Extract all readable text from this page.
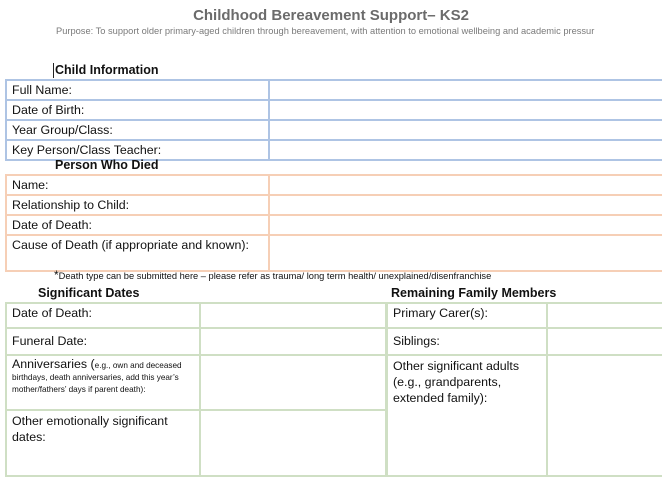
Childhood Bereavement Support– KS2
Purpose: To support older primary-aged children through bereavement, with attention to emotional wellbeing and academic pressur
Child Information
Full Name:	
Date of Birth:	
Year Group/Class:	
Key Person/Class Teacher:	
Person Who Died
Name:	
Relationship to Child:	
Date of Death:	
Cause of Death (if appropriate and known):	
*Death type can be submitted here – please refer as trauma/ long term health/ unexplained/disenfranchise
Significant Dates	Remaining Family Members
Date of Death:	
Funeral Date:	
Anniversaries (e.g., own and deceased birthdays, death anniversaries, add this year’s mother/fathers’ days if parent death):	
Other emotionally significant dates:	
Primary Carer(s):	
Siblings:	
Other significant adults (e.g., grandparents, extended family):	
